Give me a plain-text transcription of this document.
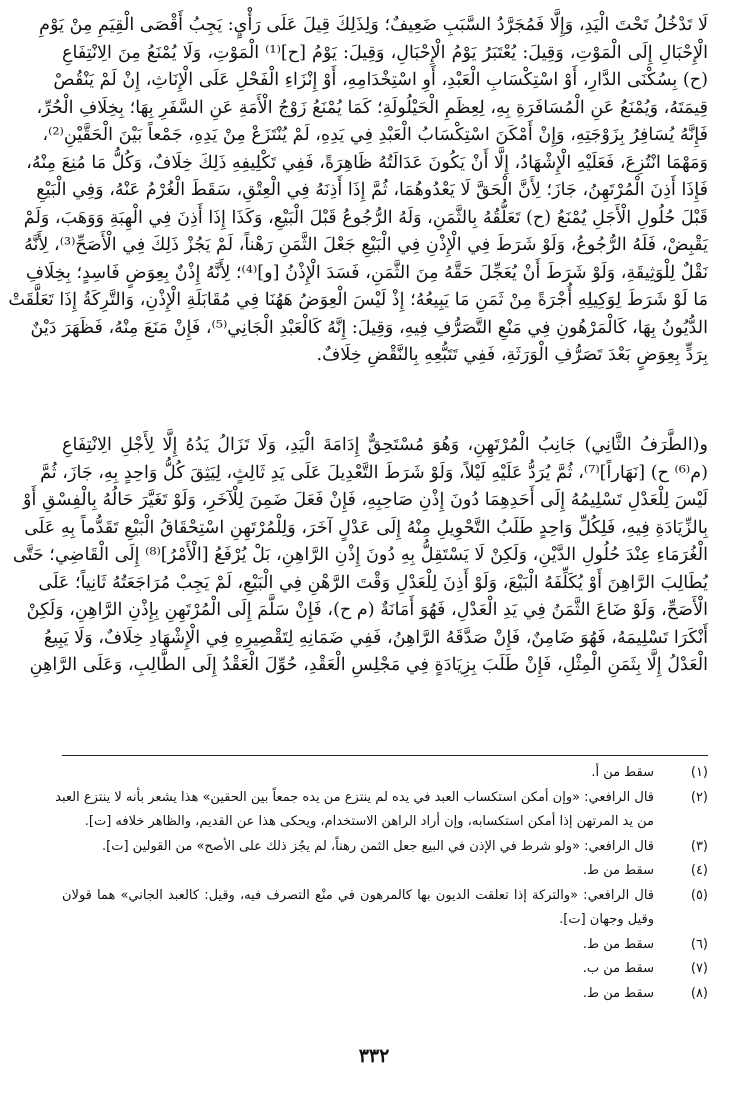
لَا تَدْخُلُ تَحْتَ الْيَدِ، وَإِلَّا فَمُجَرَّدُ السَّبَبِ ضَعِيفٌ؛ وَلِذَلِكَ قِيلَ عَلَى رَأْيٍ: يَجِبُ أَقْصَى الْقِيَمِ مِنْ يَوْمِ
الْإِحْبَالِ إِلَى الْمَوْتِ، وَقِيلَ: يُعْتَبَرُ يَوْمُ الْإِحْبَالِ، وَقِيلَ: يَوْمُ [ح]⁽¹⁾ الْمَوْتِ، وَلَا يُمْنَعُ مِنَ الِانْتِفَاعِ
(ح) بِسُكْنَى الدَّارِ، أَوْ اسْتِكْسَابِ الْعَبْدِ، أَوِ اسْتِخْدَامِهِ، أَوْ إِنْزَاءِ الْفَحْلِ عَلَى الْإِنَاثِ، إِنْ لَمْ يَنْقُصْ
قِيمَتَهُ، وَيُمْنَعُ عَنِ الْمُسَافَرَةِ بِهِ، لِعِظَمِ الْحَيْلُولَةِ؛ كَمَا يُمْنَعُ زَوْجُ الْأَمَةِ عَنِ السَّفَرِ بِهَا؛ بِخِلَافِ الْحُرِّ،
فَإِنَّهُ يُسَافِرُ بِزَوْجَتِهِ، وَإِنْ أَمْكَنَ اسْتِكْسَابُ الْعَبْدِ فِي يَدِهِ، لَمْ يُنْتَزَعْ مِنْ يَدِهِ، جَمْعاً بَيْنَ الْحَقَّيْنِ⁽²⁾،
وَمَهْمَا انْتُزِعَ، فَعَلَيْهِ الْإِشْهَادُ، إِلَّا أَنْ يَكُونَ عَدَالَتُهُ ظَاهِرَةً، فَفِي تَكْلِيفِهِ ذَلِكَ خِلَافٌ، وَكُلُّ مَا مُنِعَ مِنْهُ،
فَإِذَا أَذِنَ الْمُرْتَهِنُ، جَازَ؛ لِأَنَّ الْحَقَّ لَا يَعْدُوهُمَا، ثُمَّ إِذَا أَذِنَهُ فِي الْعِتْقِ، سَقَطَ الْغُرْمُ عَنْهُ، وَفِي الْبَيْعِ
قَبْلَ حُلُولِ الْأَجَلِ يُمْنَعُ (ح) تَعَلُّقُهُ بِالثَّمَنِ، وَلَهُ الرُّجُوعُ قَبْلَ الْبَيْعِ، وَكَذَا إِذَا أَذِنَ فِي الْهِبَةِ وَوَهَبَ، وَلَمْ
يَقْبِضْ، فَلَهُ الرُّجُوعُ، وَلَوْ شَرَطَ فِي الْإِذْنِ فِي الْبَيْعِ جَعْلَ الثَّمَنِ رَهْناً، لَمْ يَجُزْ ذَلِكَ فِي الْأَصَحِّ⁽³⁾، لِأَنَّهُ
نَقْلٌ لِلْوَثِيقَةِ، وَلَوْ شَرَطَ أَنْ يُعَجِّلَ حَقَّهُ مِنَ الثَّمَنِ، فَسَدَ الْإِذْنُ [و]⁽⁴⁾؛ لِأَنَّهُ إِذْنٌ بِعِوَضٍ فَاسِدٍ؛ بِخِلَافِ
مَا لَوْ شَرَطَ لِوَكِيلِهِ أُجْرَةً مِنْ ثَمَنِ مَا يَبِيعُهُ؛ إِذْ لَيْسَ الْعِوَضُ هَهُنَا فِي مُقَابَلَةِ الْإِذْنِ، وَالتَّرِكَةُ إِذَا تَعَلَّقَتْ
الدُّيُونُ بِهَا، كَالْمَرْهُونِ فِي مَنْعِ التَّصَرُّفِ فِيهِ، وَقِيلَ: إِنَّهُ كَالْعَبْدِ الْجَانِي⁽⁵⁾، فَإِنْ مَنَعَ مِنْهُ، فَظَهَرَ دَيْنٌ
بِرَدٍّ بِعِوَضٍ بَعْدَ تَصَرُّفِ الْوَرَثَةِ، فَفِي تَتَبُّعِهِ بِالنَّقْضِ خِلَافٌ.
و(الطَّرَفُ الثَّانِي) جَانِبُ الْمُرْتَهِنِ، وَهُوَ مُسْتَحِقٌّ إِدَامَةَ الْيَدِ، وَلَا تَزَالُ يَدُهُ إِلَّا لِأَجْلِ الِانْتِفَاعِ
(م⁽⁶⁾ ح) [نَهَاراً]⁽⁷⁾، ثُمَّ يُرَدُّ عَلَيْهِ لَيْلاً، وَلَوْ شَرَطَ التَّعْدِيلَ عَلَى يَدِ ثَالِثٍ، لِيَثِقَ كُلُّ وَاحِدٍ بِهِ، جَازَ، ثُمَّ
لَيْسَ لِلْعَدْلِ تَسْلِيمُهُ إِلَى أَحَدِهِمَا دُونَ إِذْنِ صَاحِبِهِ، فَإِنْ فَعَلَ ضَمِنَ لِلْآخَرِ، وَلَوْ تَغَيَّرَ حَالُهُ بِالْفِسْقِ أَوْ
بِالزِّيَادَةِ فِيهِ، فَلِكُلِّ وَاحِدٍ طَلَبُ التَّحْوِيلِ مِنْهُ إِلَى عَدْلٍ آخَرَ، وَلِلْمُرْتَهِنِ اسْتِحْقَاقُ الْبَيْعِ تَقَدُّماً بِهِ عَلَى
الْغُرَمَاءِ عِنْدَ حُلُولِ الدَّيْنِ، وَلَكِنْ لَا يَسْتَقِلُّ بِهِ دُونَ إِذْنِ الرَّاهِنِ، بَلْ يُرْفَعُ [الْأَمْرُ]⁽⁸⁾ إِلَى الْقَاضِي؛ حَتَّى
يُطَالِبَ الرَّاهِنَ أَوْ يُكَلِّفَهُ الْبَيْعَ، وَلَوْ أَذِنَ لِلْعَدْلِ وَقْتَ الرَّهْنِ فِي الْبَيْعِ، لَمْ يَجِبْ مُرَاجَعَتُهُ ثَانِياً؛ عَلَى
الْأَصَحِّ، وَلَوْ ضَاعَ الثَّمَنُ فِي يَدِ الْعَدْلِ، فَهُوَ أَمَانَةٌ (م ح)، فَإِنْ سَلَّمَ إِلَى الْمُرْتَهِنِ بِإِذْنِ الرَّاهِنِ، وَلَكِنْ
أَنْكَرَا تَسْلِيمَهُ، فَهُوَ ضَامِنٌ، فَإِنْ صَدَّقَهُ الرَّاهِنُ، فَفِي ضَمَانِهِ لِتَقْصِيرِهِ فِي الْإِشْهَادِ خِلَافٌ، وَلَا يَبِيعُ
الْعَدْلُ إِلَّا بِثَمَنِ الْمِثْلِ، فَإِنْ طَلَبَ بِزِيَادَةٍ فِي مَجْلِسِ الْعَقْدِ، حُوِّلَ الْعَقْدُ إِلَى الطَّالِبِ، وَعَلَى الرَّاهِنِ
(١)
سقط من أ.
(٢)
قال الرافعي: «وإن أمكن استكساب العبد في يده لم ينتزع من يده جمعاً بين الحقين» هذا يشعر بأنه لا ينتزع العبد
من يد المرتهن إذا أمكن استكسابه، وإن أراد الراهن الاستخدام، ويحكى هذا عن القديم، والظاهر خلافه [ت].
(٣)
قال الرافعي: «ولو شرط في الإذن في البيع جعل الثمن رهناً، لم يجُز ذلك على الأصح» من القولين [ت].
(٤)
سقط من ط.
(٥)
قال الرافعي: «والتركة إذا تعلقت الديون بها كالمرهون في منْع التصرف فيه، وقيل: كالعبد الجاني» هما قولان
وقيل وجهان [ت].
(٦)
سقط من ط.
(٧)
سقط من ب.
(٨)
سقط من ط.
٣٣٢
